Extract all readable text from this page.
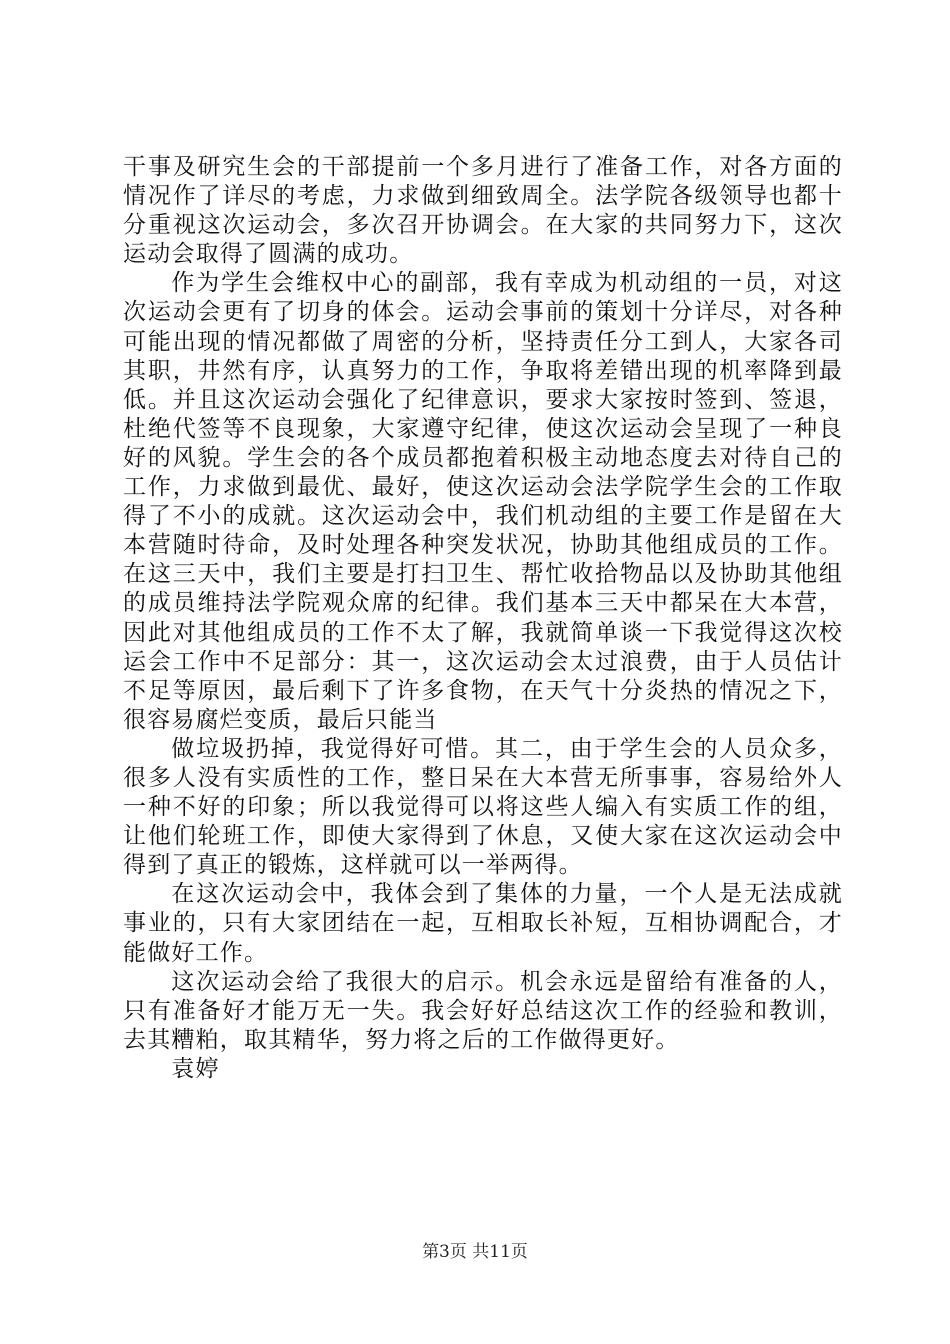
干事及研究生会的干部提前一个多月进行了准备工作，对各方面的情况作了详尽的考虑，力求做到细致周全。法学院各级领导也都十分重视这次运动会，多次召开协调会。在大家的共同努力下，这次运动会取得了圆满的成功。

作为学生会维权中心的副部，我有幸成为机动组的一员，对这次运动会更有了切身的体会。运动会事前的策划十分详尽，对各种可能出现的情况都做了周密的分析，坚持责任分工到人，大家各司其职，井然有序，认真努力的工作，争取将差错出现的机率降到最低。并且这次运动会强化了纪律意识，要求大家按时签到、签退，杜绝代签等不良现象，大家遵守纪律，使这次运动会呈现了一种良好的风貌。学生会的各个成员都抱着积极主动地态度去对待自己的工作，力求做到最优、最好，使这次运动会法学院学生会的工作取得了不小的成就。这次运动会中，我们机动组的主要工作是留在大本营随时待命，及时处理各种突发状况，协助其他组成员的工作。在这三天中，我们主要是打扫卫生、帮忙收拾物品以及协助其他组的成员维持法学院观众席的纪律。我们基本三天中都呆在大本营，因此对其他组成员的工作不太了解，我就简单谈一下我觉得这次校运会工作中不足部分：其一，这次运动会太过浪费，由于人员估计不足等原因，最后剩下了许多食物，在天气十分炎热的情况之下，很容易腐烂变质，最后只能当

做垃圾扔掉，我觉得好可惜。其二，由于学生会的人员众多，很多人没有实质性的工作，整日呆在大本营无所事事，容易给外人一种不好的印象；所以我觉得可以将这些人编入有实质工作的组，让他们轮班工作，即使大家得到了休息，又使大家在这次运动会中得到了真正的锻炼，这样就可以一举两得。

在这次运动会中，我体会到了集体的力量，一个人是无法成就事业的，只有大家团结在一起，互相取长补短，互相协调配合，才能做好工作。

这次运动会给了我很大的启示。机会永远是留给有准备的人，只有准备好才能万无一失。我会好好总结这次工作的经验和教训，去其糟粕，取其精华，努力将之后的工作做得更好。

袁婷

第3页 共11页
